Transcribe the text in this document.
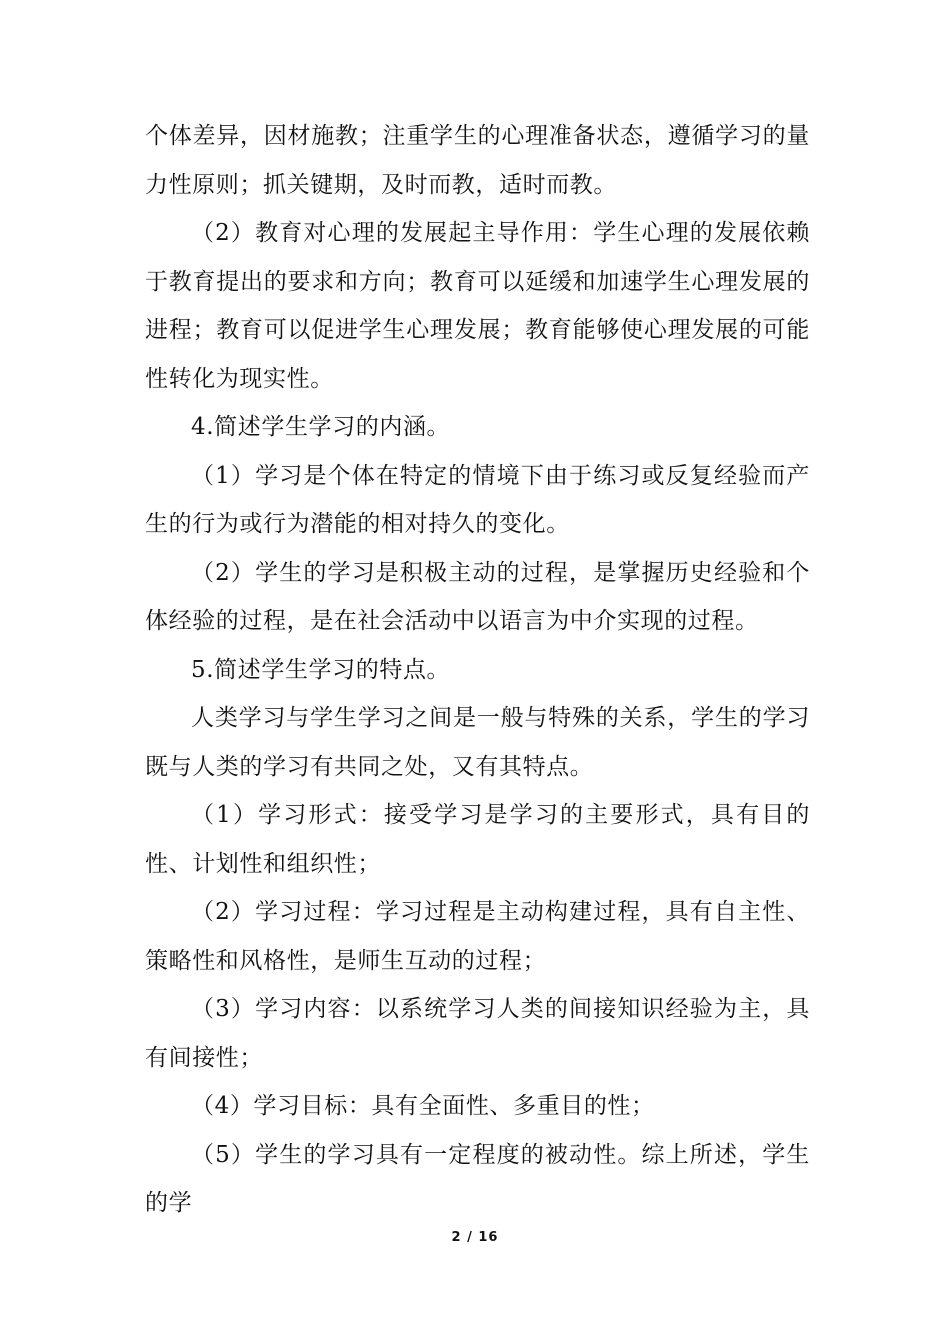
个体差异，因材施教；注重学生的心理准备状态，遵循学习的量力性原则；抓关键期，及时而教，适时而教。

（2）教育对心理的发展起主导作用：学生心理的发展依赖于教育提出的要求和方向；教育可以延缓和加速学生心理发展的进程；教育可以促进学生心理发展；教育能够使心理发展的可能性转化为现实性。

4.简述学生学习的内涵。

（1）学习是个体在特定的情境下由于练习或反复经验而产生的行为或行为潜能的相对持久的变化。

（2）学生的学习是积极主动的过程，是掌握历史经验和个体经验的过程，是在社会活动中以语言为中介实现的过程。

5.简述学生学习的特点。

人类学习与学生学习之间是一般与特殊的关系，学生的学习既与人类的学习有共同之处，又有其特点。

（1）学习形式：接受学习是学习的主要形式，具有目的性、计划性和组织性；

（2）学习过程：学习过程是主动构建过程，具有自主性、策略性和风格性，是师生互动的过程；

（3）学习内容：以系统学习人类的间接知识经验为主，具有间接性；

（4）学习目标：具有全面性、多重目的性；

（5）学生的学习具有一定程度的被动性。综上所述，学生的学

2 / 16
